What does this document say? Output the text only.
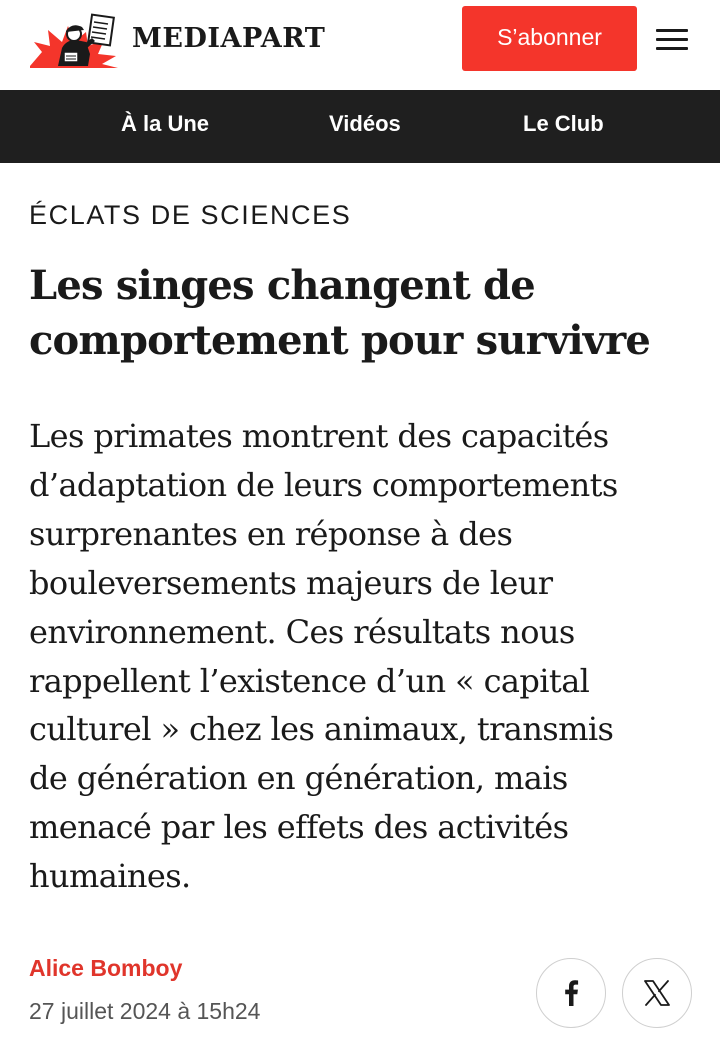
MEDIAPART	S’abonner
À la Une	Vidéos	Le Club
ÉCLATS DE SCIENCES
Les singes changent de
comportement pour survivre

Les primates montrent des capacités
d’adaptation de leurs comportements
surprenantes en réponse à des
bouleversements majeurs de leur
environnement. Ces résultats nous
rappellent l’existence d’un « capital
culturel » chez les animaux, transmis
de génération en génération, mais
menacé par les effets des activités
humaines.

Alice Bomboy
27 juillet 2024 à 15h24
